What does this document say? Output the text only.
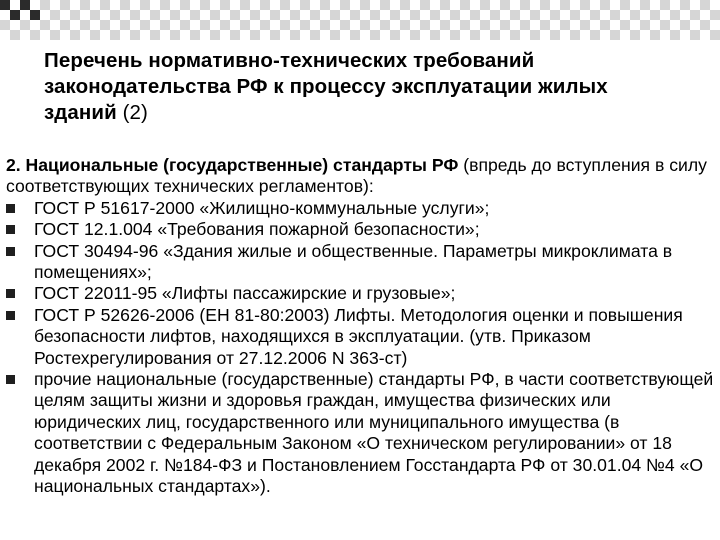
Перечень нормативно-технических требований законодательства РФ к процессу эксплуатации жилых зданий (2)

2. Национальные (государственные) стандарты РФ (впредь до вступления в силу соответствующих технических регламентов):

ГОСТ Р 51617-2000 «Жилищно-коммунальные услуги»;
ГОСТ 12.1.004 «Требования пожарной безопасности»;
ГОСТ 30494-96 «Здания жилые и общественные. Параметры микроклимата в помещениях»;
ГОСТ 22011-95 «Лифты пассажирские и грузовые»;
ГОСТ Р 52626-2006 (ЕН 81-80:2003) Лифты. Методология оценки и повышения безопасности лифтов, находящихся в эксплуатации. (утв. Приказом Ростехрегулирования от 27.12.2006 N 363-ст)
прочие национальные (государственные) стандарты РФ, в части соответствующей целям защиты жизни и здоровья граждан, имущества физических или юридических лиц, государственного или муниципального имущества (в соответствии с Федеральным Законом «О техническом регулировании» от 18 декабря 2002 г. №184-ФЗ и Постановлением Госстандарта РФ от 30.01.04 №4 «О национальных стандартах»).
